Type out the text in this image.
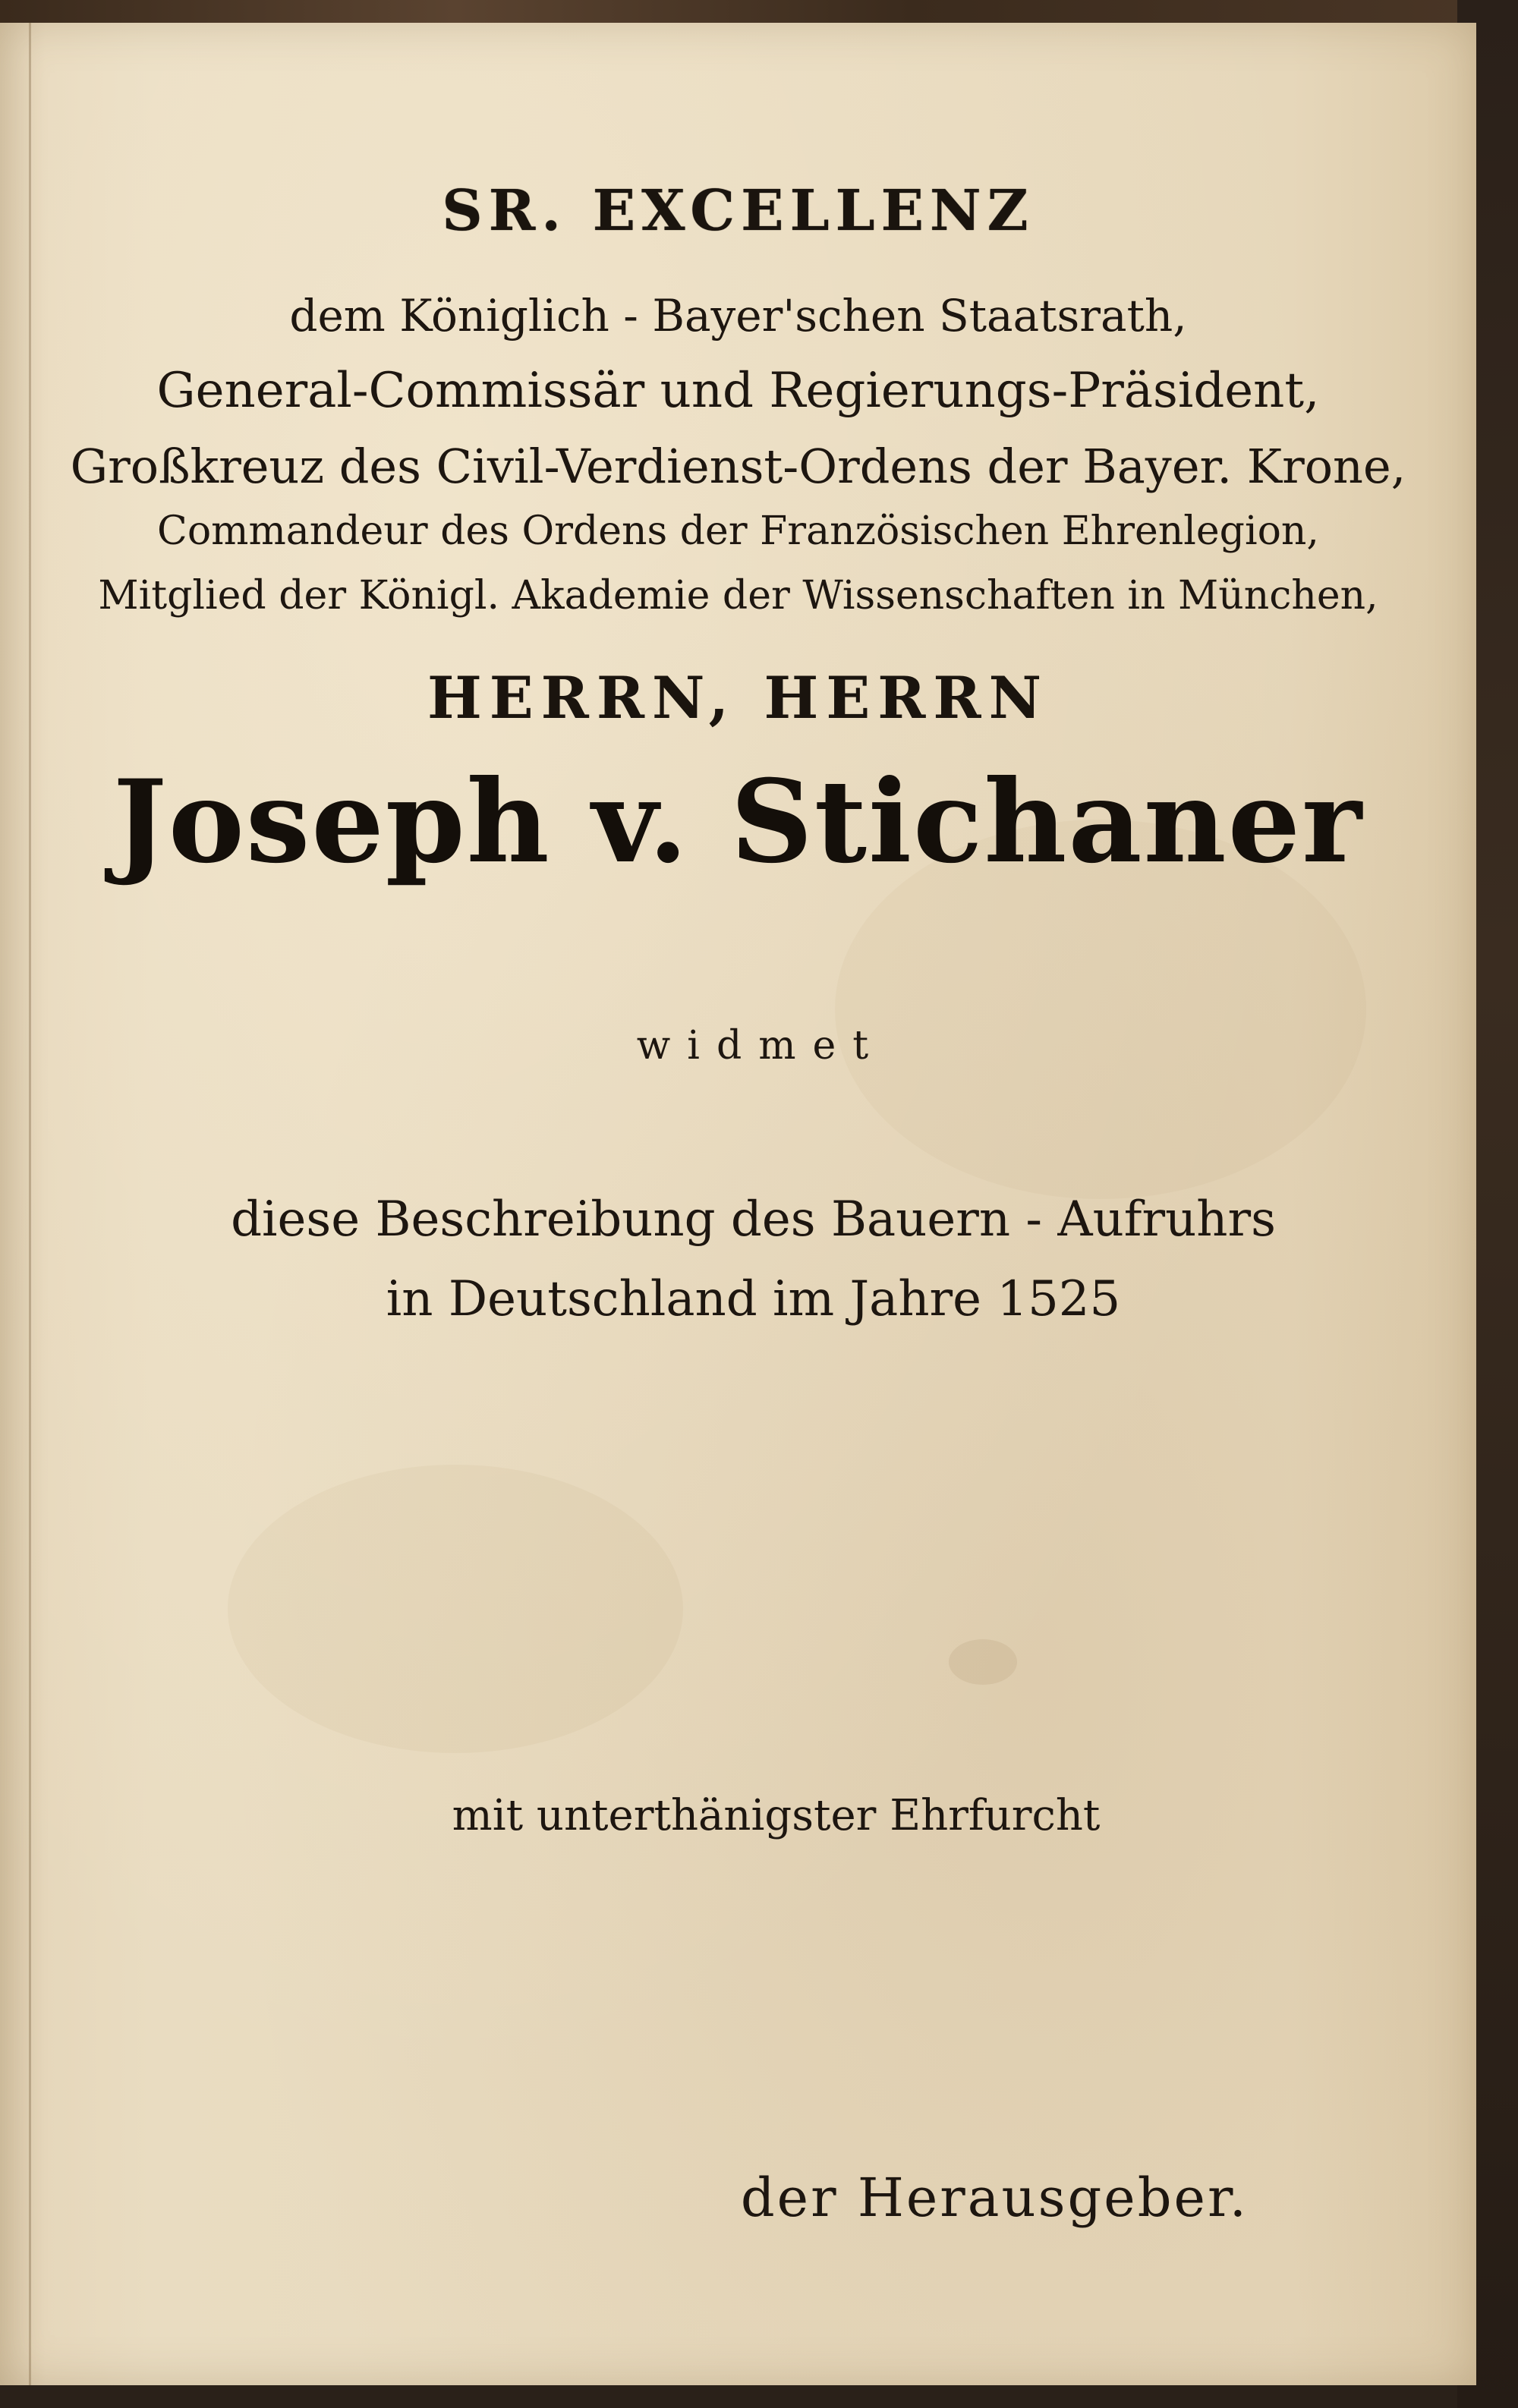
SR. EXCELLENZ
dem Königlich - Bayer'schen Staatsrath,
General-Commissär und Regierungs-Präsident,
Großkreuz des Civil-Verdienst-Ordens der Bayer. Krone,
Commandeur des Ordens der Französischen Ehrenlegion,
Mitglied der Königl. Akademie der Wissenschaften in München,
HERRN, HERRN
Joseph v. Stichaner
widmet
diese Beschreibung des Bauern - Aufruhrs
in Deutschland im Jahre 1525
mit unterthänigster Ehrfurcht
der Herausgeber.
